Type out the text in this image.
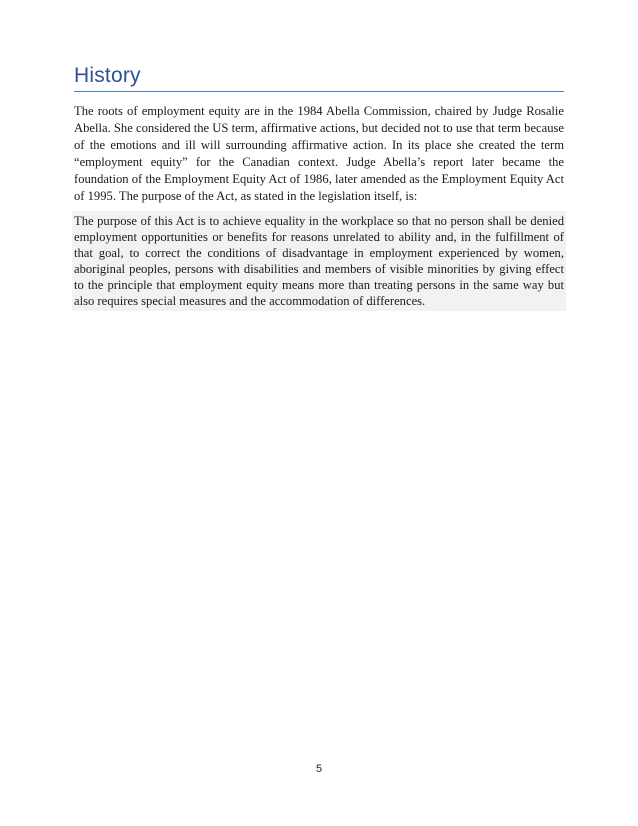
History

The roots of employment equity are in the 1984 Abella Commission, chaired by Judge Rosalie Abella. She considered the US term, affirmative actions, but decided not to use that term because of the emotions and ill will surrounding affirmative action. In its place she created the term “employment equity” for the Canadian context. Judge Abella’s report later became the foundation of the Employment Equity Act of 1986, later amended as the Employment Equity Act of 1995. The purpose of the Act, as stated in the legislation itself, is:

The purpose of this Act is to achieve equality in the workplace so that no person shall be denied employment opportunities or benefits for reasons unrelated to ability and, in the fulfillment of that goal, to correct the conditions of disadvantage in employment experienced by women, aboriginal peoples, persons with disabilities and members of visible minorities by giving effect to the principle that employment equity means more than treating persons in the same way but also requires special measures and the accommodation of differences.

5
